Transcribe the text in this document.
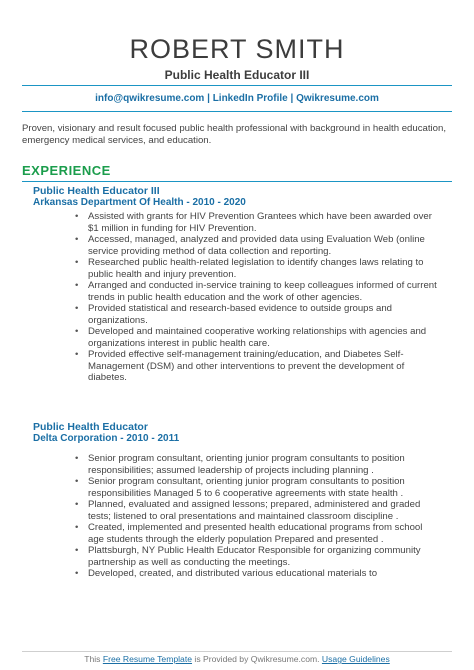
ROBERT SMITH
Public Health Educator III
info@qwikresume.com | LinkedIn Profile | Qwikresume.com
Proven, visionary and result focused public health professional with background in health education, emergency medical services, and education.
EXPERIENCE
Public Health Educator III
Arkansas Department Of Health - 2010 - 2020
• Assisted with grants for HIV Prevention Grantees which have been awarded over $1 million in funding for HIV Prevention.
• Accessed, managed, analyzed and provided data using Evaluation Web (online service providing method of data collection and reporting.
• Researched public health-related legislation to identify changes laws relating to public health and injury prevention.
• Arranged and conducted in-service training to keep colleagues informed of current trends in public health education and the work of other agencies.
• Provided statistical and research-based evidence to outside groups and organizations.
• Developed and maintained cooperative working relationships with agencies and organizations interest in public health care.
• Provided effective self-management training/education, and Diabetes Self-Management (DSM) and other interventions to prevent the development of diabetes.
Public Health Educator
Delta Corporation - 2010 - 2011
• Senior program consultant, orienting junior program consultants to position responsibilities; assumed leadership of projects including planning .
• Senior program consultant, orienting junior program consultants to position responsibilities Managed 5 to 6 cooperative agreements with state health .
• Planned, evaluated and assigned lessons; prepared, administered and graded tests; listened to oral presentations and maintained classroom discipline .
• Created, implemented and presented health educational programs from school age students through the elderly population Prepared and presented .
• Plattsburgh, NY Public Health Educator Responsible for organizing community partnership as well as conducting the meetings.
• Developed, created, and distributed various educational materials to
This Free Resume Template is Provided by Qwikresume.com. Usage Guidelines
